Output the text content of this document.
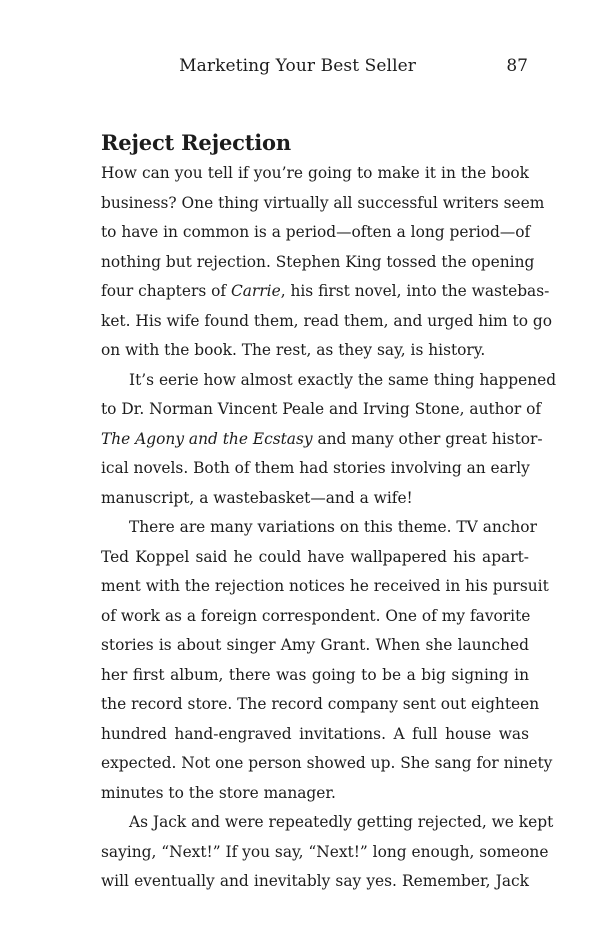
Marketing Your Best Seller	87
Reject Rejection
How can you tell if you’re going to make it in the book
business? One thing virtually all successful writers seem
to have in common is a period—often a long period—of
nothing but rejection. Stephen King tossed the opening
four chapters of Carrie, his first novel, into the wastebas-
ket. His wife found them, read them, and urged him to go
on with the book. The rest, as they say, is history.
It’s eerie how almost exactly the same thing happened
to Dr. Norman Vincent Peale and Irving Stone, author of
The Agony and the Ecstasy and many other great histor-
ical novels. Both of them had stories involving an early
manuscript, a wastebasket—and a wife!
There are many variations on this theme. TV anchor
Ted Koppel said he could have wallpapered his apart-
ment with the rejection notices he received in his pursuit
of work as a foreign correspondent. One of my favorite
stories is about singer Amy Grant. When she launched
her first album, there was going to be a big signing in
the record store. The record company sent out eighteen
hundred hand-engraved invitations. A full house was
expected. Not one person showed up. She sang for ninety
minutes to the store manager.
As Jack and were repeatedly getting rejected, we kept
saying, “Next!” If you say, “Next!” long enough, someone
will eventually and inevitably say yes. Remember, Jack
